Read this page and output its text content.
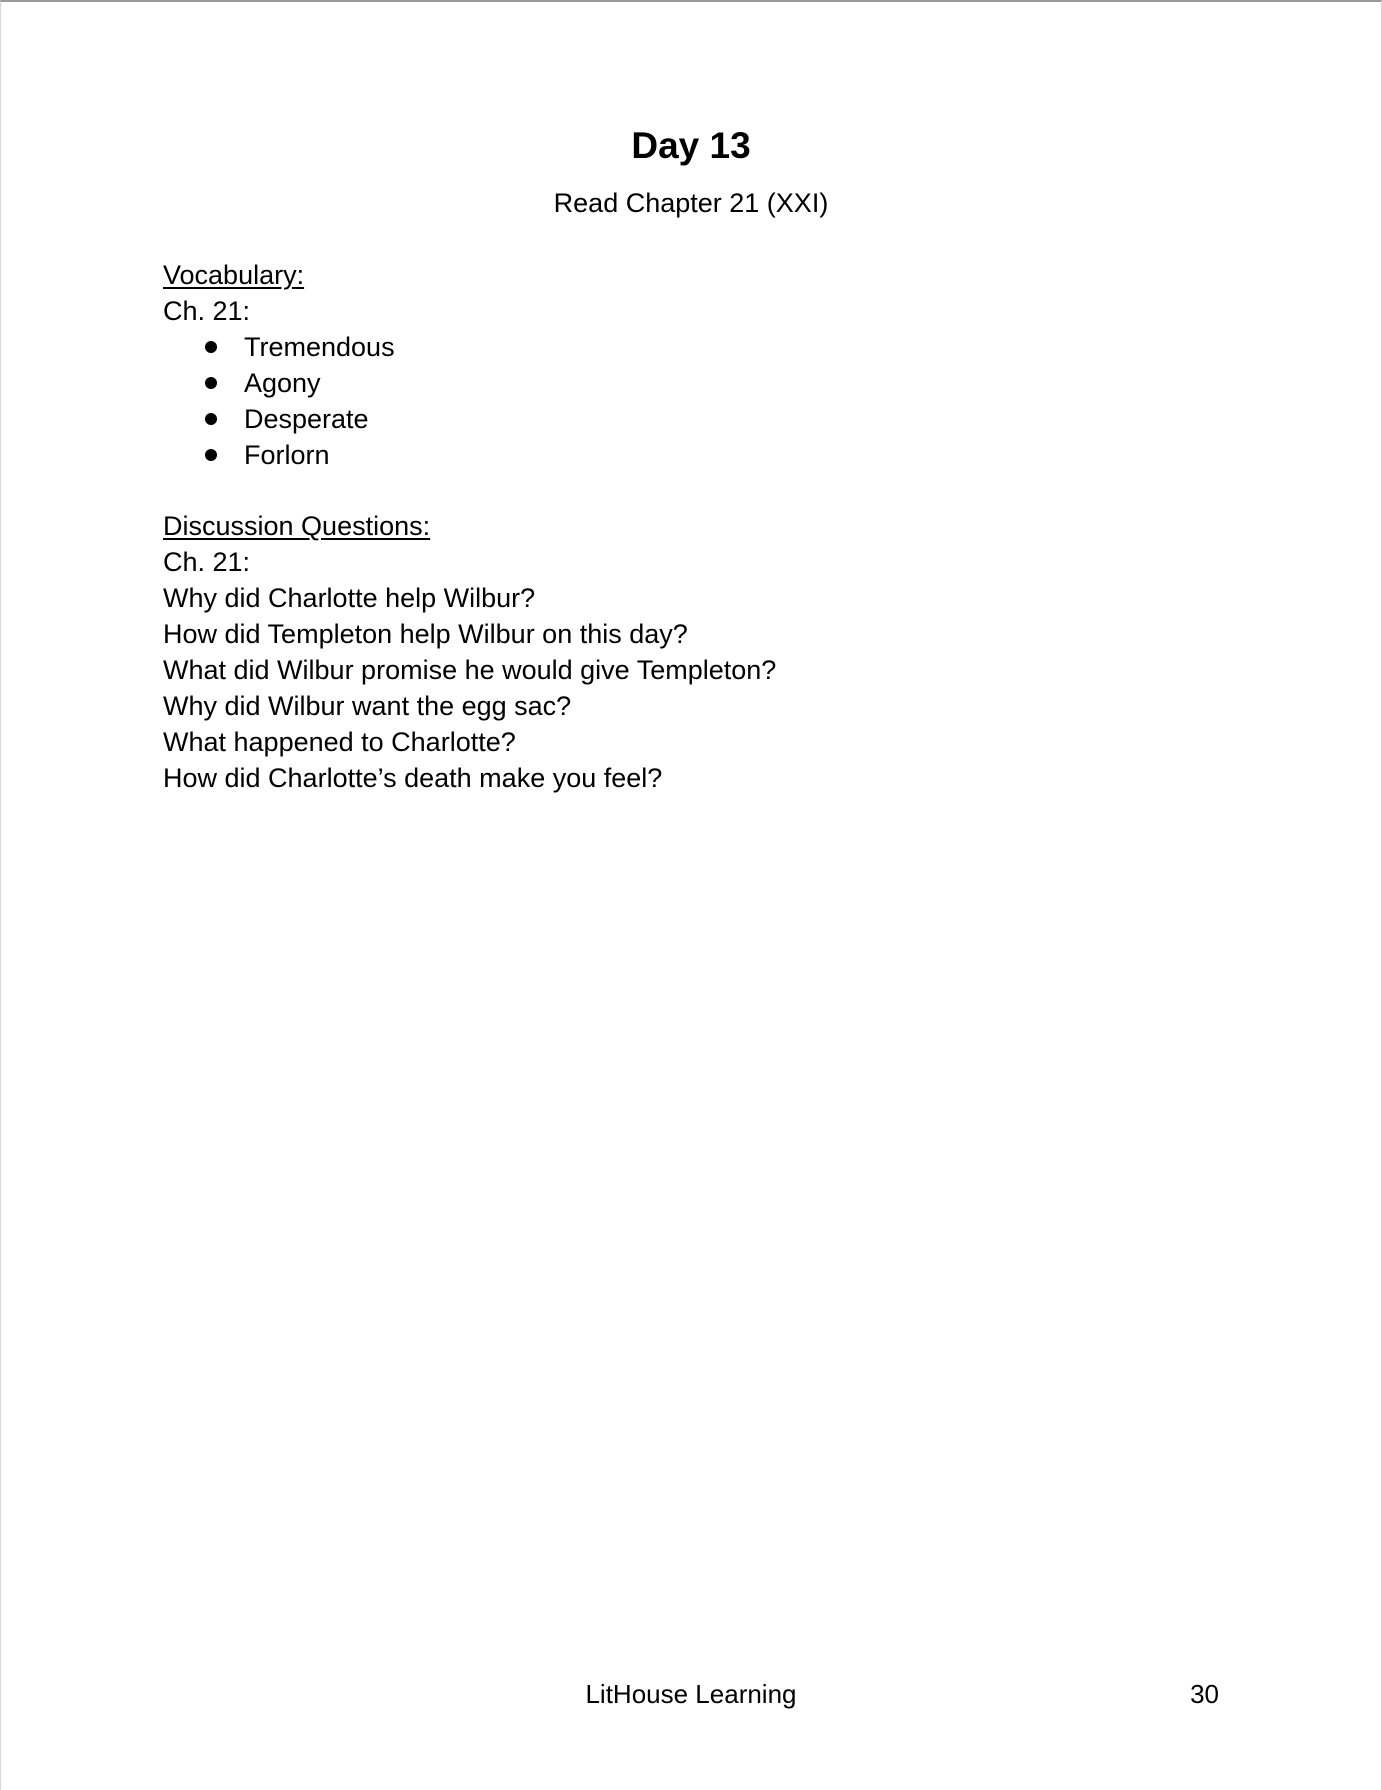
Day 13
Read Chapter 21 (XXI)
Vocabulary:
Ch. 21:
Tremendous
Agony
Desperate
Forlorn
Discussion Questions:
Ch. 21:
Why did Charlotte help Wilbur?
How did Templeton help Wilbur on this day?
What did Wilbur promise he would give Templeton?
Why did Wilbur want the egg sac?
What happened to Charlotte?
How did Charlotte’s death make you feel?
LitHouse Learning	30
